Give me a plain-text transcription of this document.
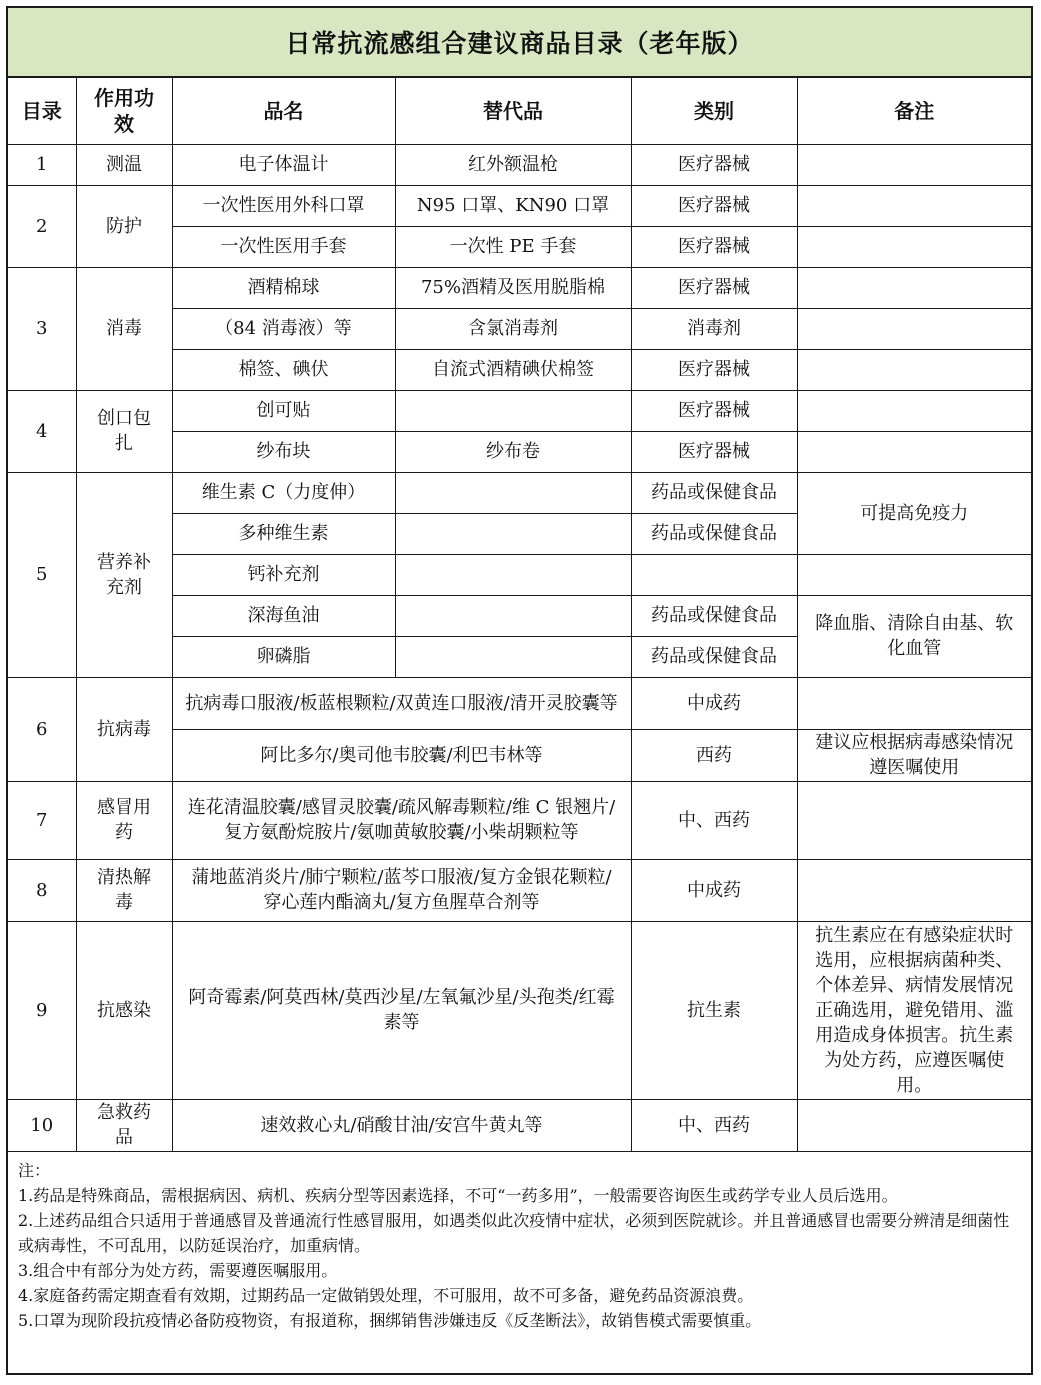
日常抗流感组合建议商品目录（老年版）
目录	作用功效	品名	替代品	类别	备注
1	测温	电子体温计	红外额温枪	医疗器械	
2	防护	一次性医用外科口罩	N95 口罩、KN90 口罩	医疗器械	
		一次性医用手套	一次性 PE 手套	医疗器械	
3	消毒	酒精棉球	75%酒精及医用脱脂棉	医疗器械	
		（84 消毒液）等	含氯消毒剂	消毒剂	
		棉签、碘伏	自流式酒精碘伏棉签	医疗器械	
4	创口包扎	创可贴		医疗器械	
		纱布块	纱布卷	医疗器械	
5	营养补充剂	维生素 C（力度伸）		药品或保健食品	可提高免疫力
		多种维生素		药品或保健食品	
		钙补充剂			
		深海鱼油		药品或保健食品	降血脂、清除自由基、软化血管
		卵磷脂		药品或保健食品	
6	抗病毒	抗病毒口服液/板蓝根颗粒/双黄连口服液/清开灵胶囊等		中成药	
		阿比多尔/奥司他韦胶囊/利巴韦林等		西药	建议应根据病毒感染情况遵医嘱使用
7	感冒用药	连花清温胶囊/感冒灵胶囊/疏风解毒颗粒/维 C 银翘片/复方氨酚烷胺片/氨咖黄敏胶囊/小柴胡颗粒等		中、西药	
8	清热解毒	蒲地蓝消炎片/肺宁颗粒/蓝芩口服液/复方金银花颗粒/穿心莲内酯滴丸/复方鱼腥草合剂等		中成药	
9	抗感染	阿奇霉素/阿莫西林/莫西沙星/左氧氟沙星/头孢类/红霉素等		抗生素	抗生素应在有感染症状时选用，应根据病菌种类、个体差异、病情发展情况正确选用，避免错用、滥用造成身体损害。抗生素为处方药，应遵医嘱使用。
10	急救药品	速效救心丸/硝酸甘油/安宫牛黄丸等		中、西药	
注：
1.药品是特殊商品，需根据病因、病机、疾病分型等因素选择，不可“一药多用”，一般需要咨询医生或药学专业人员后选用。
2.上述药品组合只适用于普通感冒及普通流行性感冒服用，如遇类似此次疫情中症状，必须到医院就诊。并且普通感冒也需要分辨清是细菌性或病毒性，不可乱用，以防延误治疗，加重病情。
3.组合中有部分为处方药，需要遵医嘱服用。
4.家庭备药需定期查看有效期，过期药品一定做销毁处理，不可服用，故不可多备，避免药品资源浪费。
5.口罩为现阶段抗疫情必备防疫物资，有报道称，捆绑销售涉嫌违反《反垄断法》，故销售模式需要慎重。
